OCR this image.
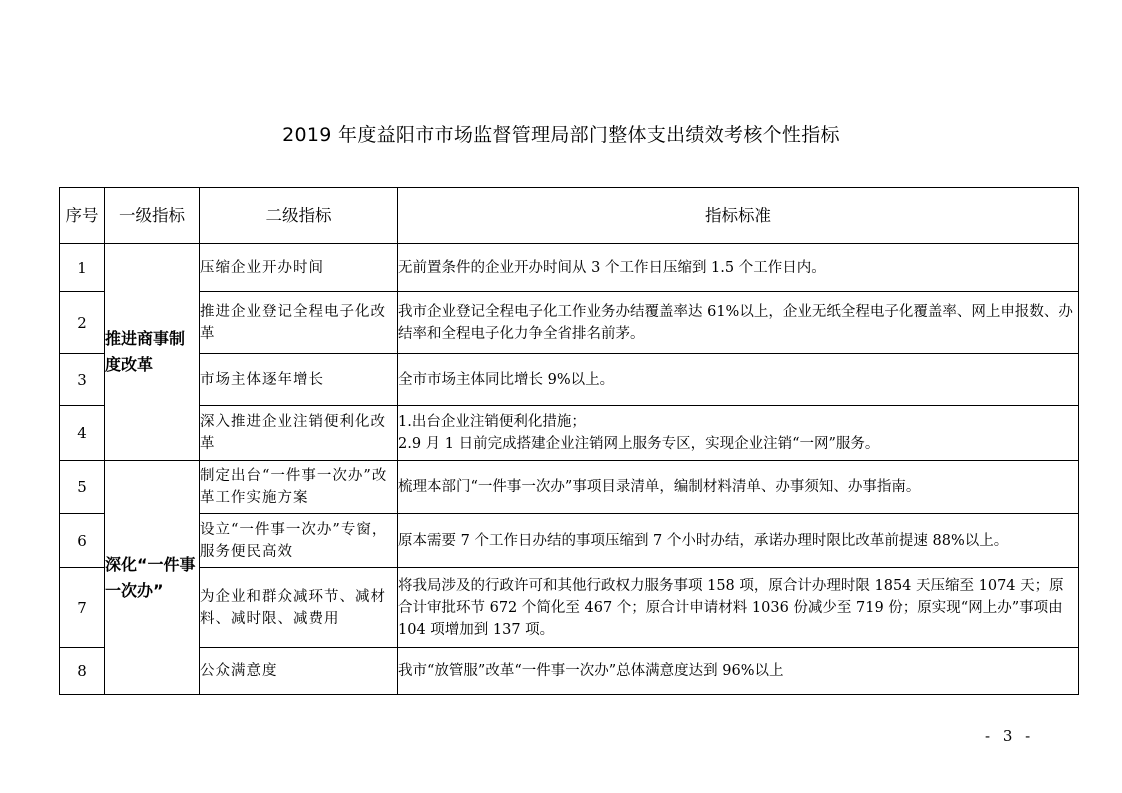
2019 年度益阳市市场监督管理局部门整体支出绩效考核个性指标
序号	一级指标	二级指标	指标标准
1	推进商事制度改革	压缩企业开办时间	无前置条件的企业开办时间从 3 个工作日压缩到 1.5 个工作日内。

2		推进企业登记全程电子化改革	我市企业登记全程电子化工作业务办结覆盖率达 61%以上，企业无纸全程电子化覆盖率、网上申报数、办结率和全程电子化力争全省排名前茅。

3		市场主体逐年增长	全市市场主体同比增长 9%以上。

4		深入推进企业注销便利化改革	1.出台企业注销便利化措施；
2.9 月 1 日前完成搭建企业注销网上服务专区，实现企业注销“一网”服务。

5	深化“一件事一次办”	制定出台“一件事一次办”改革工作实施方案	梳理本部门“一件事一次办”事项目录清单，编制材料清单、办事须知、办事指南。

6		设立“一件事一次办”专窗，服务便民高效	原本需要 7 个工作日办结的事项压缩到 7 个小时办结，承诺办理时限比改革前提速 88%以上。

7		为企业和群众减环节、减材料、减时限、减费用	将我局涉及的行政许可和其他行政权力服务事项 158 项，原合计办理时限 1854 天压缩至 1074 天；原合计审批环节 672 个简化至 467 个；原合计申请材料 1036 份减少至 719 份；原实现“网上办”事项由 104 项增加到 137 项。

8		公众满意度	我市“放管服”改革“一件事一次办”总体满意度达到 96%以上
- 3 -
